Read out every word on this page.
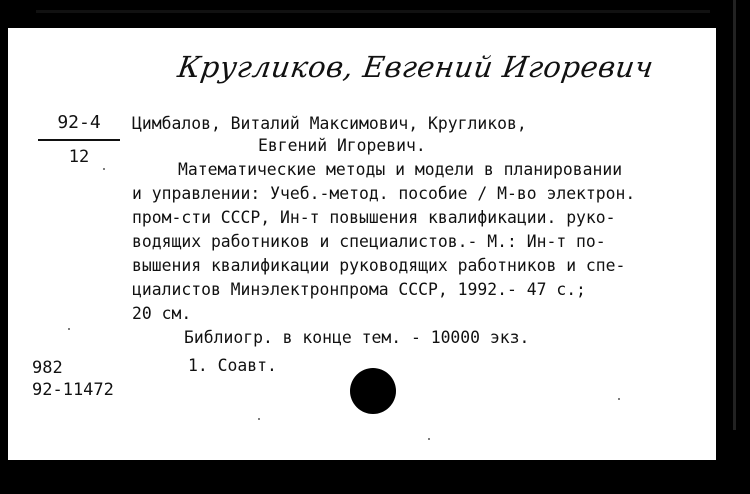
Кругликов, Евгений Игоревич
92-4
12
Цимбалов, Виталий Максимович, Кругликов,
Евгений Игоревич.
Математические методы и модели в планировании
и управлении: Учеб.-метод. пособие / М-во электрон.
пром-сти СССР, Ин-т повышения квалификации. руко-
водящих работников и специалистов.- М.: Ин-т по-
вышения квалификации руководящих работников и спе-
циалистов Минэлектронпрома СССР, 1992.- 47 с.;
20 см.
Библиогр. в конце тем. - 10000 экз.
1. Соавт.
982
92-11472
